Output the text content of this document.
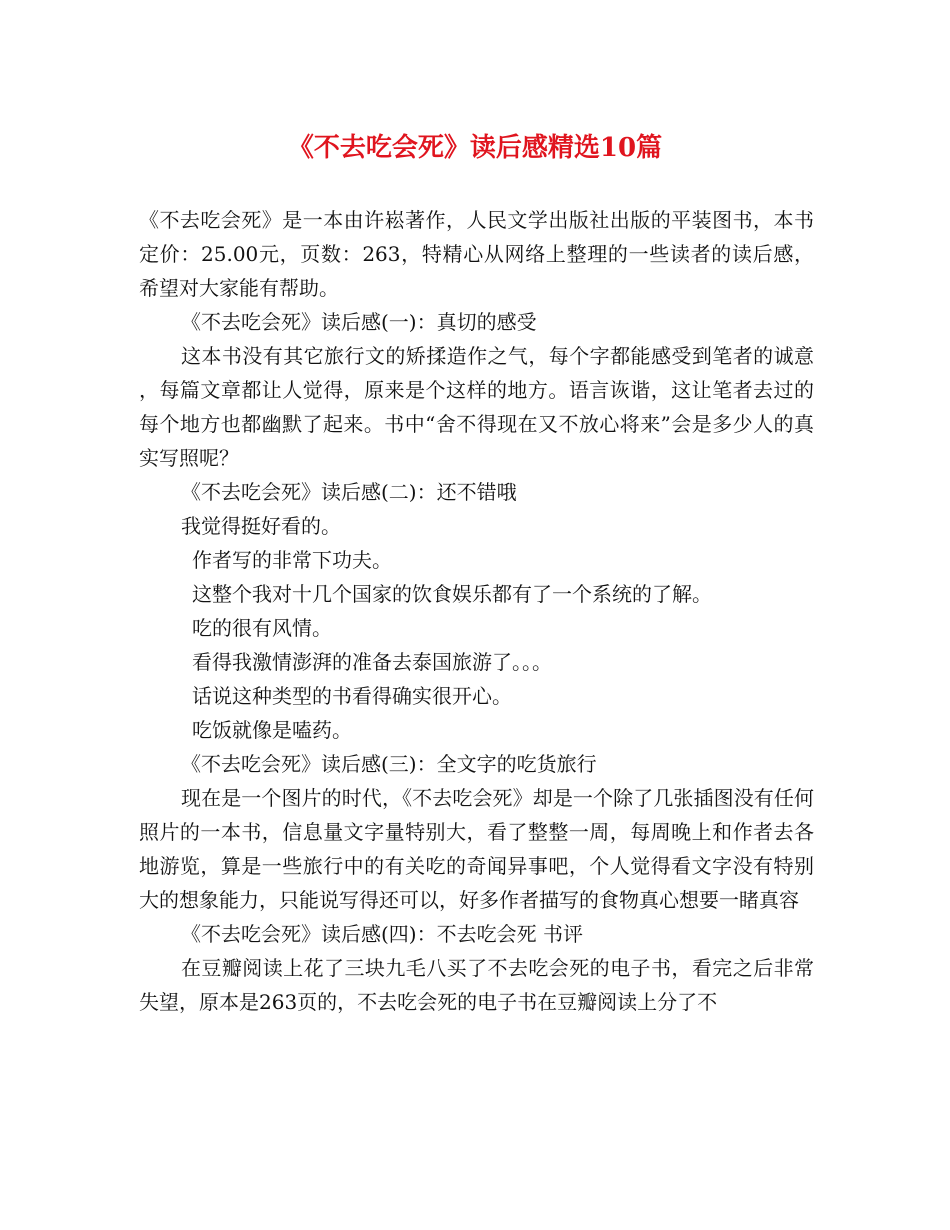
《不去吃会死》读后感精选10篇

《不去吃会死》是一本由许崧著作，人民文学出版社出版的平装图书，本书定价：25.00元，页数：263，特精心从网络上整理的一些读者的读后感，希望对大家能有帮助。

《不去吃会死》读后感(一)：真切的感受

这本书没有其它旅行文的矫揉造作之气，每个字都能感受到笔者的诚意，每篇文章都让人觉得，原来是个这样的地方。语言诙谐，这让笔者去过的每个地方也都幽默了起来。书中“舍不得现在又不放心将来”会是多少人的真实写照呢？

《不去吃会死》读后感(二)：还不错哦

我觉得挺好看的。

作者写的非常下功夫。

这整个我对十几个国家的饮食娱乐都有了一个系统的了解。

吃的很有风情。

看得我激情澎湃的准备去泰国旅游了。。。

话说这种类型的书看得确实很开心。

吃饭就像是嗑药。

《不去吃会死》读后感(三)：全文字的吃货旅行

现在是一个图片的时代，《不去吃会死》却是一个除了几张插图没有任何照片的一本书，信息量文字量特别大，看了整整一周，每周晚上和作者去各地游览，算是一些旅行中的有关吃的奇闻异事吧，个人觉得看文字没有特别大的想象能力，只能说写得还可以，好多作者描写的食物真心想要一睹真容

《不去吃会死》读后感(四)：不去吃会死 书评

在豆瓣阅读上花了三块九毛八买了不去吃会死的电子书，看完之后非常失望，原本是263页的，不去吃会死的电子书在豆瓣阅读上分了不
